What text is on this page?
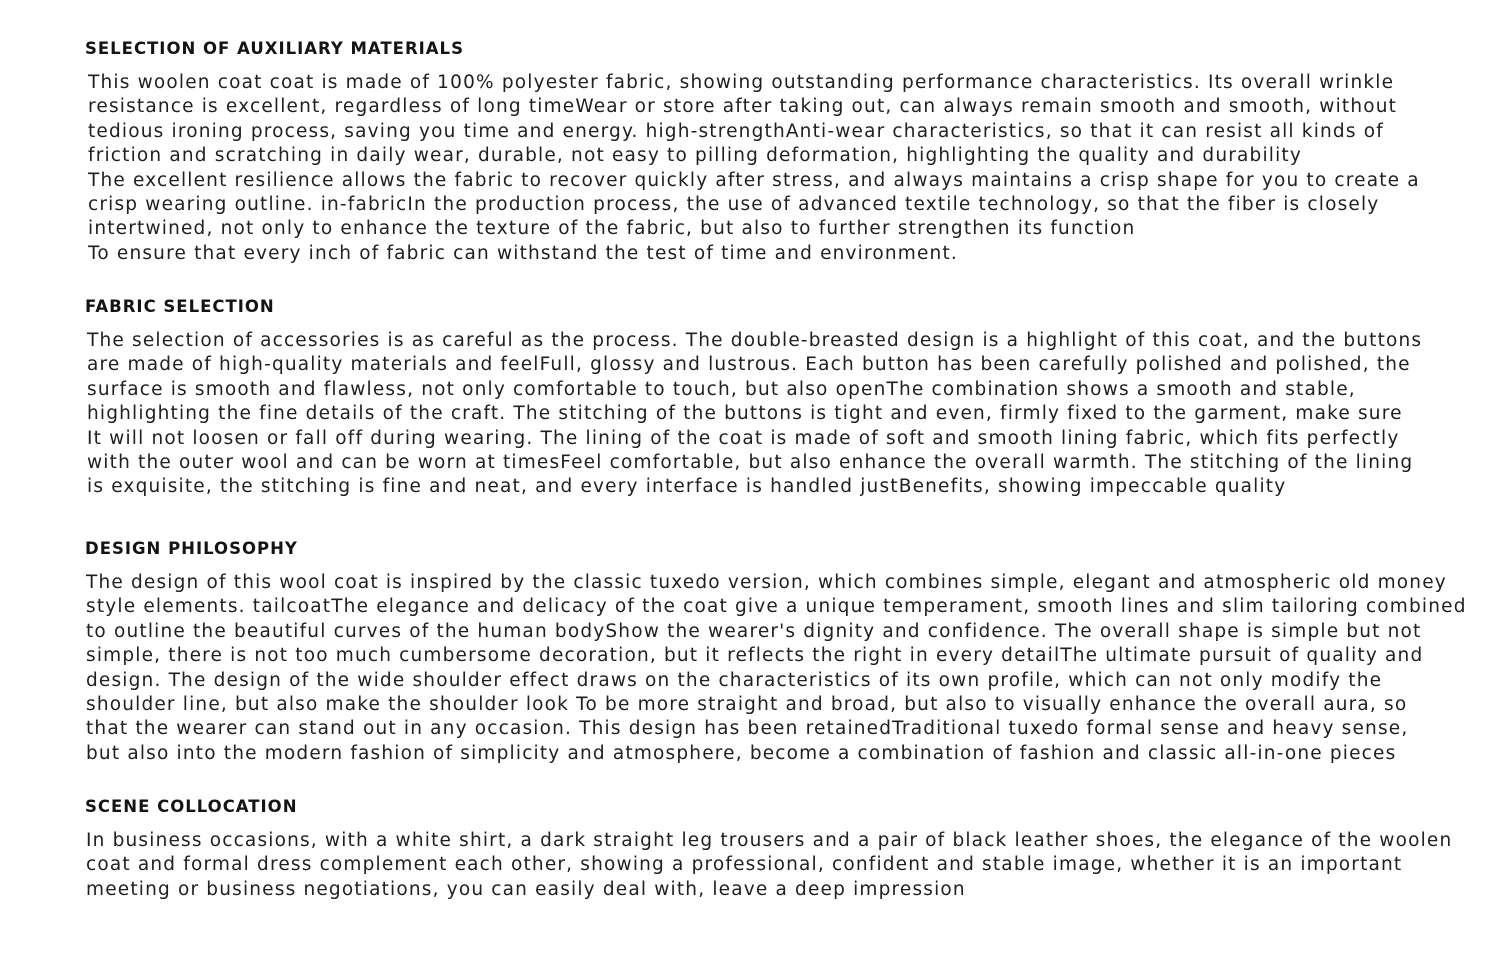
SELECTION OF AUXILIARY MATERIALS
This woolen coat coat is made of 100% polyester fabric, showing outstanding performance characteristics. Its overall wrinkle
resistance is excellent, regardless of long timeWear or store after taking out, can always remain smooth and smooth, without
tedious ironing process, saving you time and energy. high-strengthAnti-wear characteristics, so that it can resist all kinds of
friction and scratching in daily wear, durable, not easy to pilling deformation, highlighting the quality and durability
The excellent resilience allows the fabric to recover quickly after stress, and always maintains a crisp shape for you to create a
crisp wearing outline. in-fabricIn the production process, the use of advanced textile technology, so that the fiber is closely
intertwined, not only to enhance the texture of the fabric, but also to further strengthen its function
To ensure that every inch of fabric can withstand the test of time and environment.
FABRIC SELECTION
The selection of accessories is as careful as the process. The double-breasted design is a highlight of this coat, and the buttons
are made of high-quality materials and feelFull, glossy and lustrous. Each button has been carefully polished and polished, the
surface is smooth and flawless, not only comfortable to touch, but also openThe combination shows a smooth and stable,
highlighting the fine details of the craft. The stitching of the buttons is tight and even, firmly fixed to the garment, make sure
It will not loosen or fall off during wearing. The lining of the coat is made of soft and smooth lining fabric, which fits perfectly
with the outer wool and can be worn at timesFeel comfortable, but also enhance the overall warmth. The stitching of the lining
is exquisite, the stitching is fine and neat, and every interface is handled justBenefits, showing impeccable quality
DESIGN PHILOSOPHY
The design of this wool coat is inspired by the classic tuxedo version, which combines simple, elegant and atmospheric old money
style elements. tailcoatThe elegance and delicacy of the coat give a unique temperament, smooth lines and slim tailoring combined
to outline the beautiful curves of the human bodyShow the wearer's dignity and confidence. The overall shape is simple but not
simple, there is not too much cumbersome decoration, but it reflects the right in every detailThe ultimate pursuit of quality and
design. The design of the wide shoulder effect draws on the characteristics of its own profile, which can not only modify the
shoulder line, but also make the shoulder look To be more straight and broad, but also to visually enhance the overall aura, so
that the wearer can stand out in any occasion. This design has been retainedTraditional tuxedo formal sense and heavy sense,
but also into the modern fashion of simplicity and atmosphere, become a combination of fashion and classic all-in-one pieces
SCENE COLLOCATION
In business occasions, with a white shirt, a dark straight leg trousers and a pair of black leather shoes, the elegance of the woolen
coat and formal dress complement each other, showing a professional, confident and stable image, whether it is an important
meeting or business negotiations, you can easily deal with, leave a deep impression
